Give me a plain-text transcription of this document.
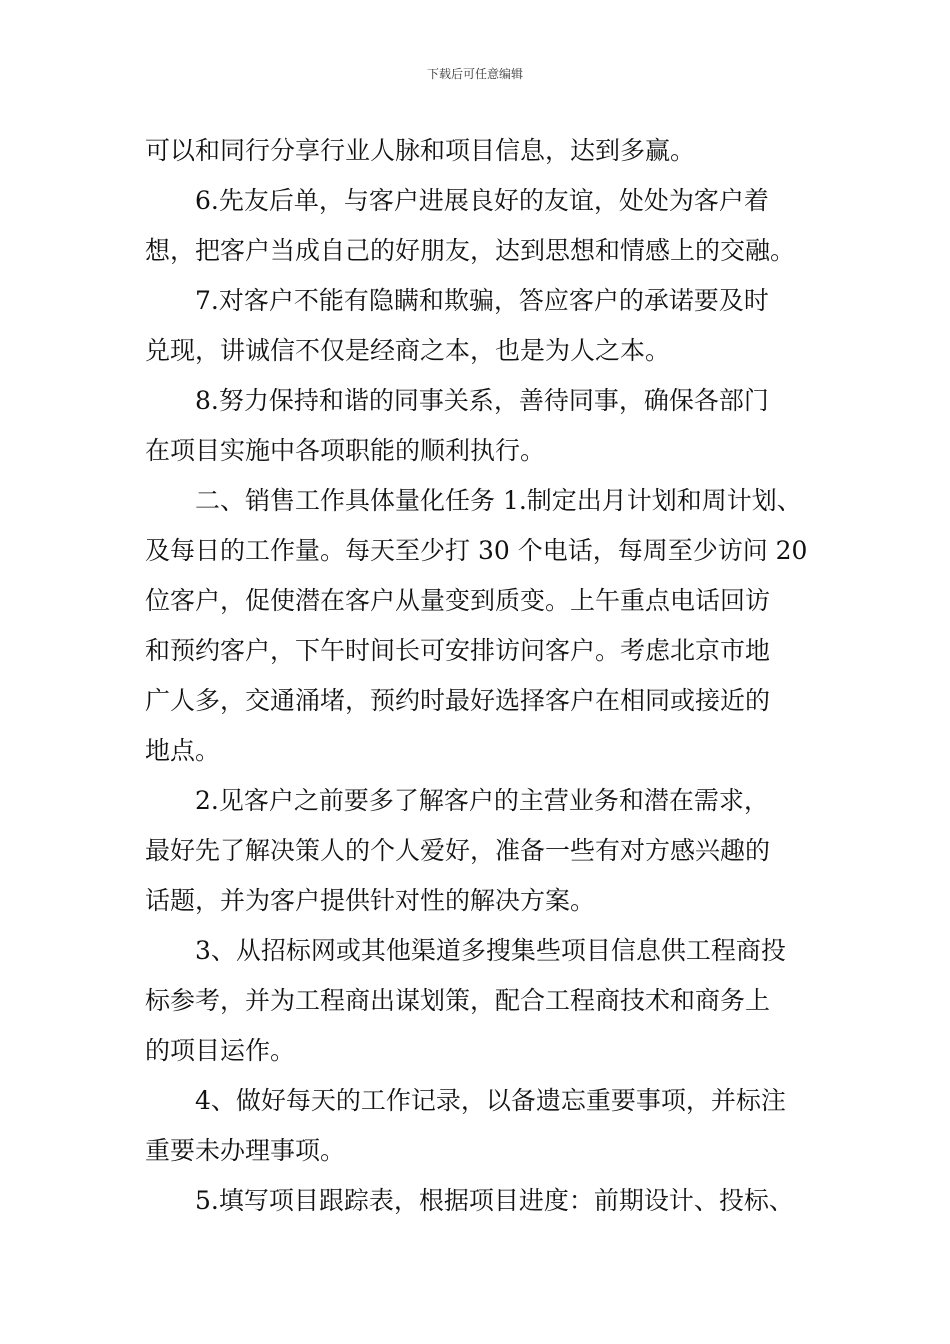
下载后可任意编辑
可以和同行分享行业人脉和项目信息，达到多赢。
6.先友后单，与客户进展良好的友谊，处处为客户着
想，把客户当成自己的好朋友，达到思想和情感上的交融。
7.对客户不能有隐瞒和欺骗，答应客户的承诺要及时
兑现，讲诚信不仅是经商之本，也是为人之本。
8.努力保持和谐的同事关系，善待同事，确保各部门
在项目实施中各项职能的顺利执行。
二、销售工作具体量化任务 1.制定出月计划和周计划、
及每日的工作量。每天至少打 30 个电话，每周至少访问 20
位客户，促使潜在客户从量变到质变。上午重点电话回访
和预约客户，下午时间长可安排访问客户。考虑北京市地
广人多，交通涌堵，预约时最好选择客户在相同或接近的
地点。
2.见客户之前要多了解客户的主营业务和潜在需求，
最好先了解决策人的个人爱好，准备一些有对方感兴趣的
话题，并为客户提供针对性的解决方案。
3、从招标网或其他渠道多搜集些项目信息供工程商投
标参考，并为工程商出谋划策，配合工程商技术和商务上
的项目运作。
4、做好每天的工作记录，以备遗忘重要事项，并标注
重要未办理事项。
5.填写项目跟踪表，根据项目进度：前期设计、投标、
